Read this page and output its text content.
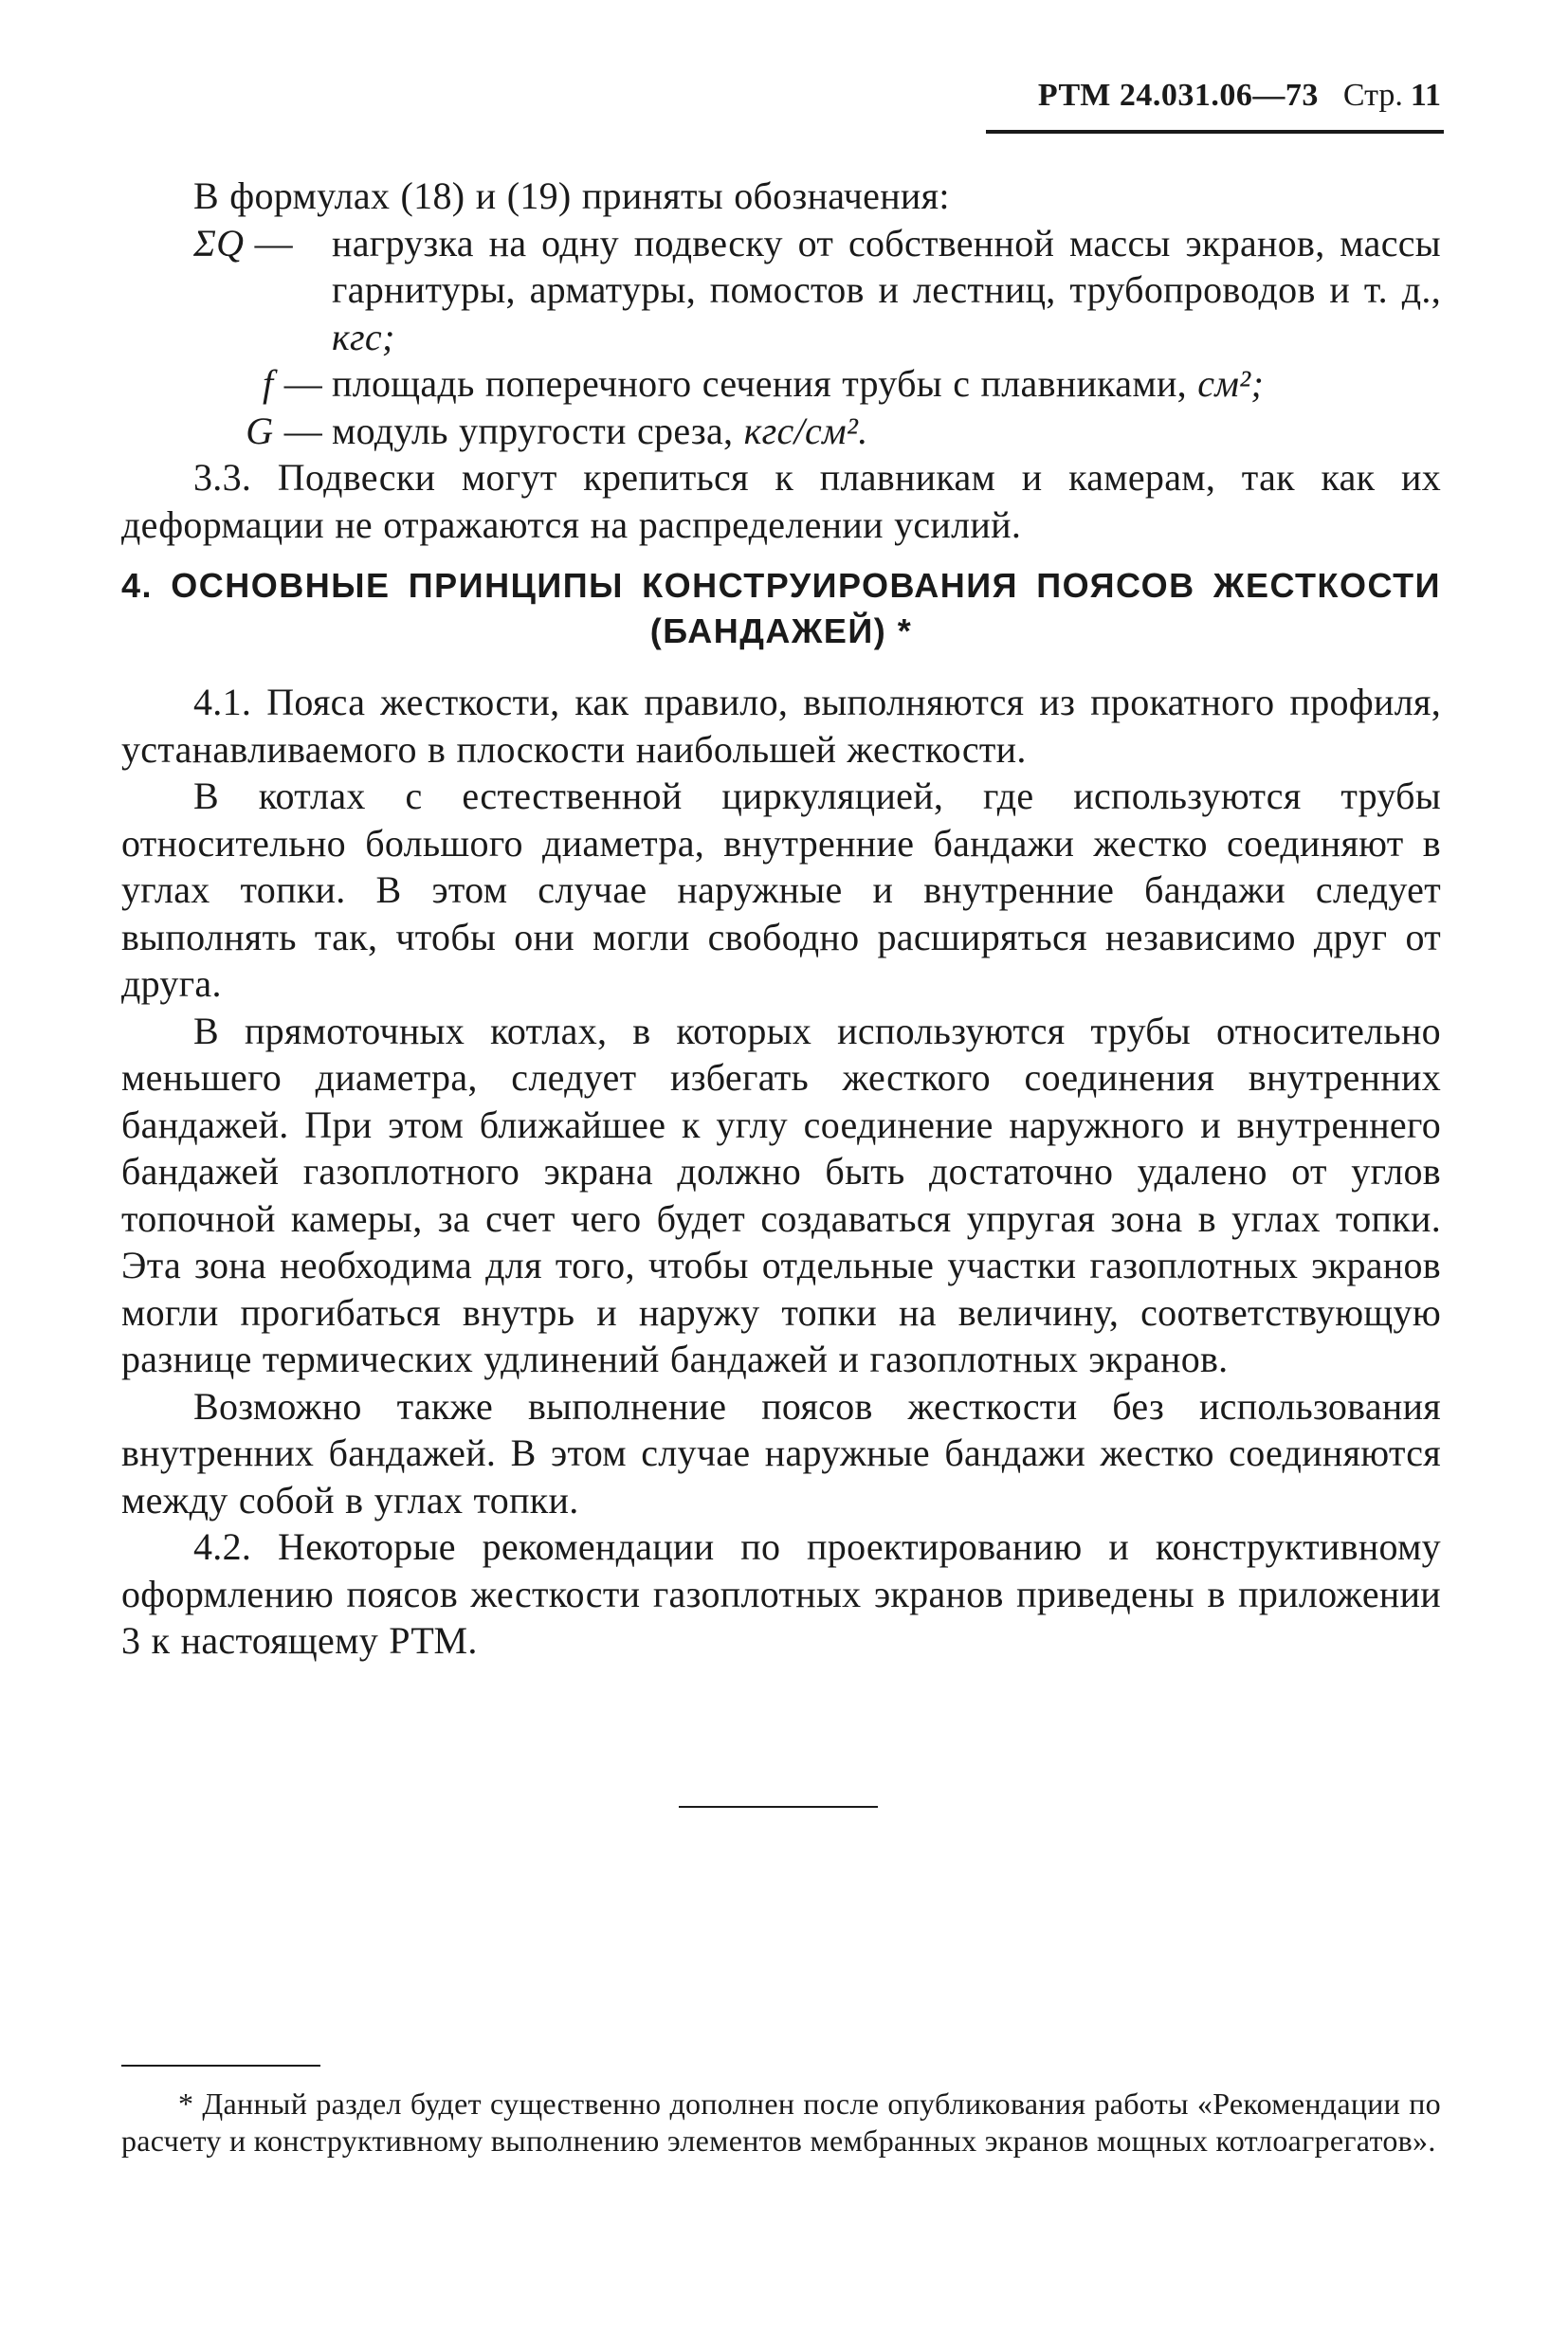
РТМ 24.031.06—73 Стр. 11

В формулах (18) и (19) приняты обозначения:

ΣQ —	нагрузка на одну подвеску от собственной массы экранов, массы гарнитуры, арматуры, помостов и лестниц, трубопроводов и т. д., кгс;

f — площадь поперечного сечения трубы с плавниками, см²;

G — модуль упругости среза, кгс/см².

3.3. Подвески могут крепиться к плавникам и камерам, так как их деформации не отражаются на распределении усилий.

4. ОСНОВНЫЕ ПРИНЦИПЫ КОНСТРУИРОВАНИЯ ПОЯСОВ ЖЕСТКОСТИ
(БАНДАЖЕЙ) *

4.1. Пояса жесткости, как правило, выполняются из прокатного профиля, устанавливаемого в плоскости наибольшей жесткости.

В котлах с естественной циркуляцией, где используются трубы относительно большого диаметра, внутренние бандажи жестко соединяют в углах топки. В этом случае наружные и внутренние бандажи следует выполнять так, чтобы они могли свободно расширяться независимо друг от друга.

В прямоточных котлах, в которых используются трубы относительно меньшего диаметра, следует избегать жесткого соединения внутренних бандажей. При этом ближайшее к углу соединение наружного и внутреннего бандажей газоплотного экрана должно быть достаточно удалено от углов топочной камеры, за счет чего будет создаваться упругая зона в углах топки. Эта зона необходима для того, чтобы отдельные участки газоплотных экранов могли прогибаться внутрь и наружу топки на величину, соответствующую разнице термических удлинений бандажей и газоплотных экранов.

Возможно также выполнение поясов жесткости без использования внутренних бандажей. В этом случае наружные бандажи жестко соединяются между собой в углах топки.

4.2. Некоторые рекомендации по проектированию и конструктивному оформлению поясов жесткости газоплотных экранов приведены в приложении 3 к настоящему РТМ.

* Данный раздел будет существенно дополнен после опубликования работы «Рекомендации по расчету и конструктивному выполнению элементов мембранных экранов мощных котлоагрегатов».
